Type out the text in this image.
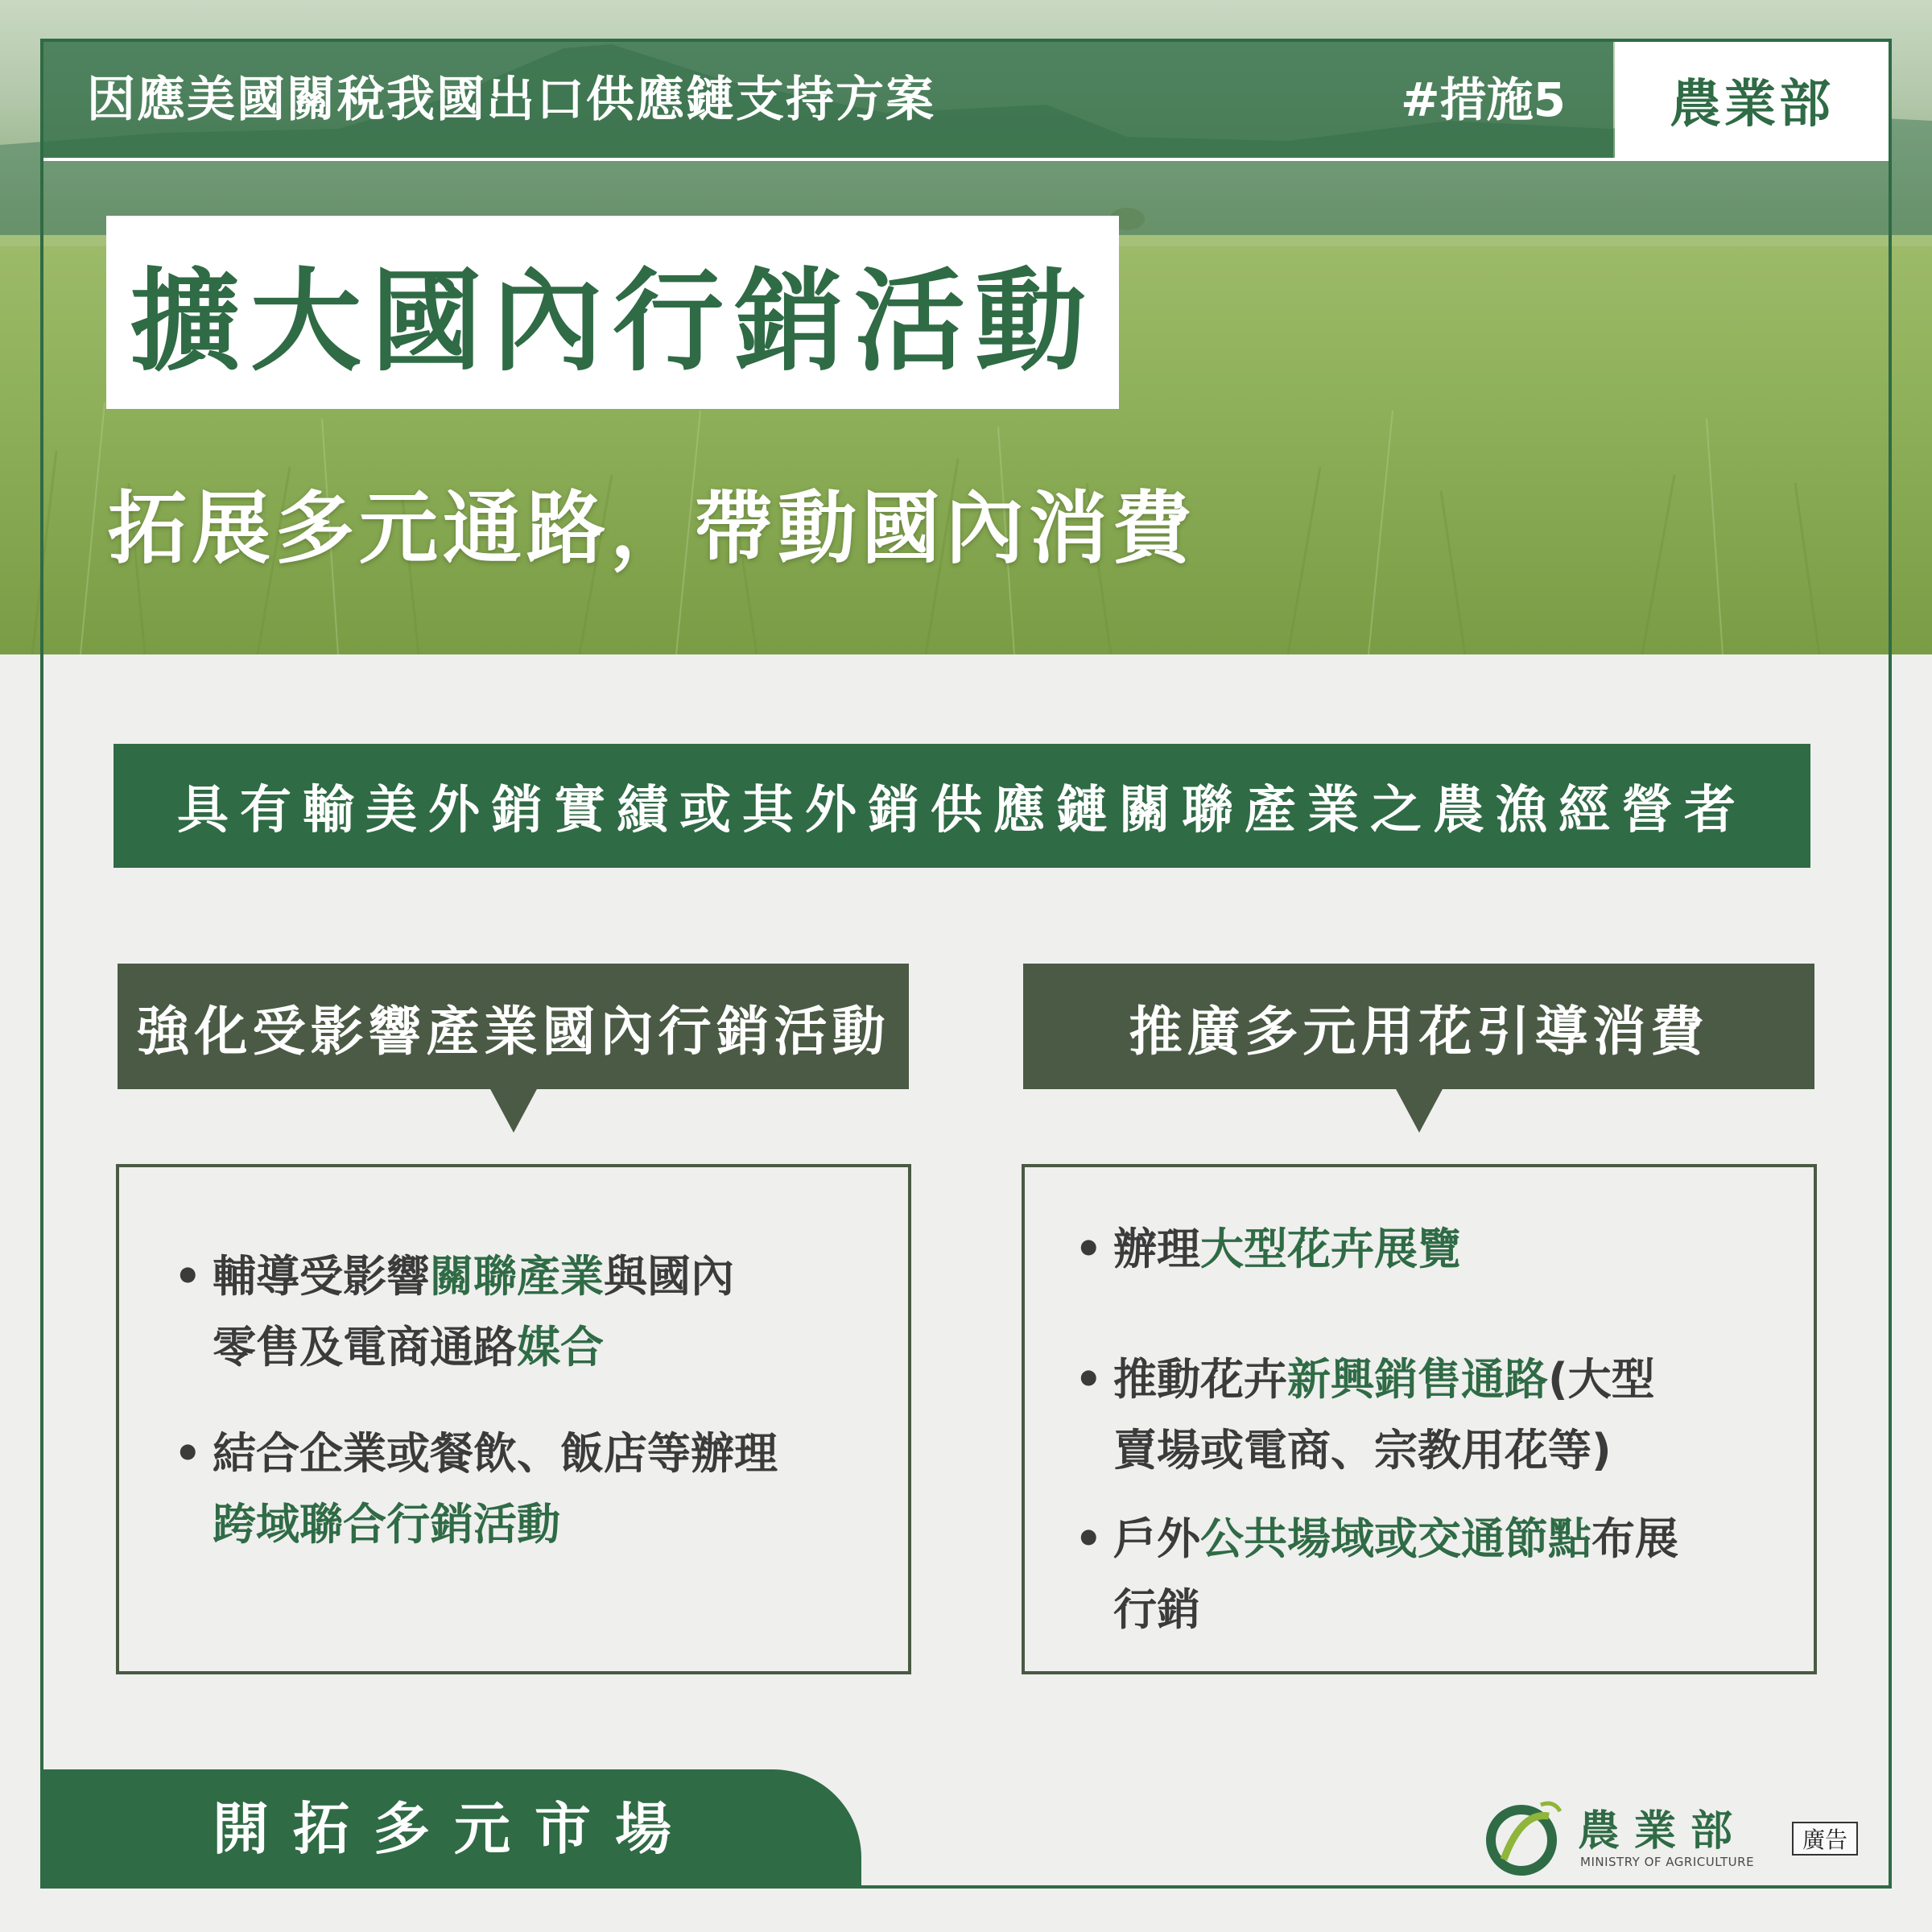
因應美國關稅我國出口供應鏈支持方案	#措施5 農業部
擴大國內行銷活動
拓展多元通路，帶動國內消費
具有輸美外銷實績或其外銷供應鏈關聯產業之農漁經營者
強化受影響產業國內行銷活動	推廣多元用花引導消費
• 輔導受影響關聯產業與國內
零售及電商通路媒合
• 結合企業或餐飲、飯店等辦理
跨域聯合行銷活動
• 辦理大型花卉展覽
• 推動花卉新興銷售通路(大型
賣場或電商、宗教用花等)
• 戶外公共場域或交通節點布展
行銷
開拓多元市場	農業部
MINISTRY OF AGRICULTURE
廣告
